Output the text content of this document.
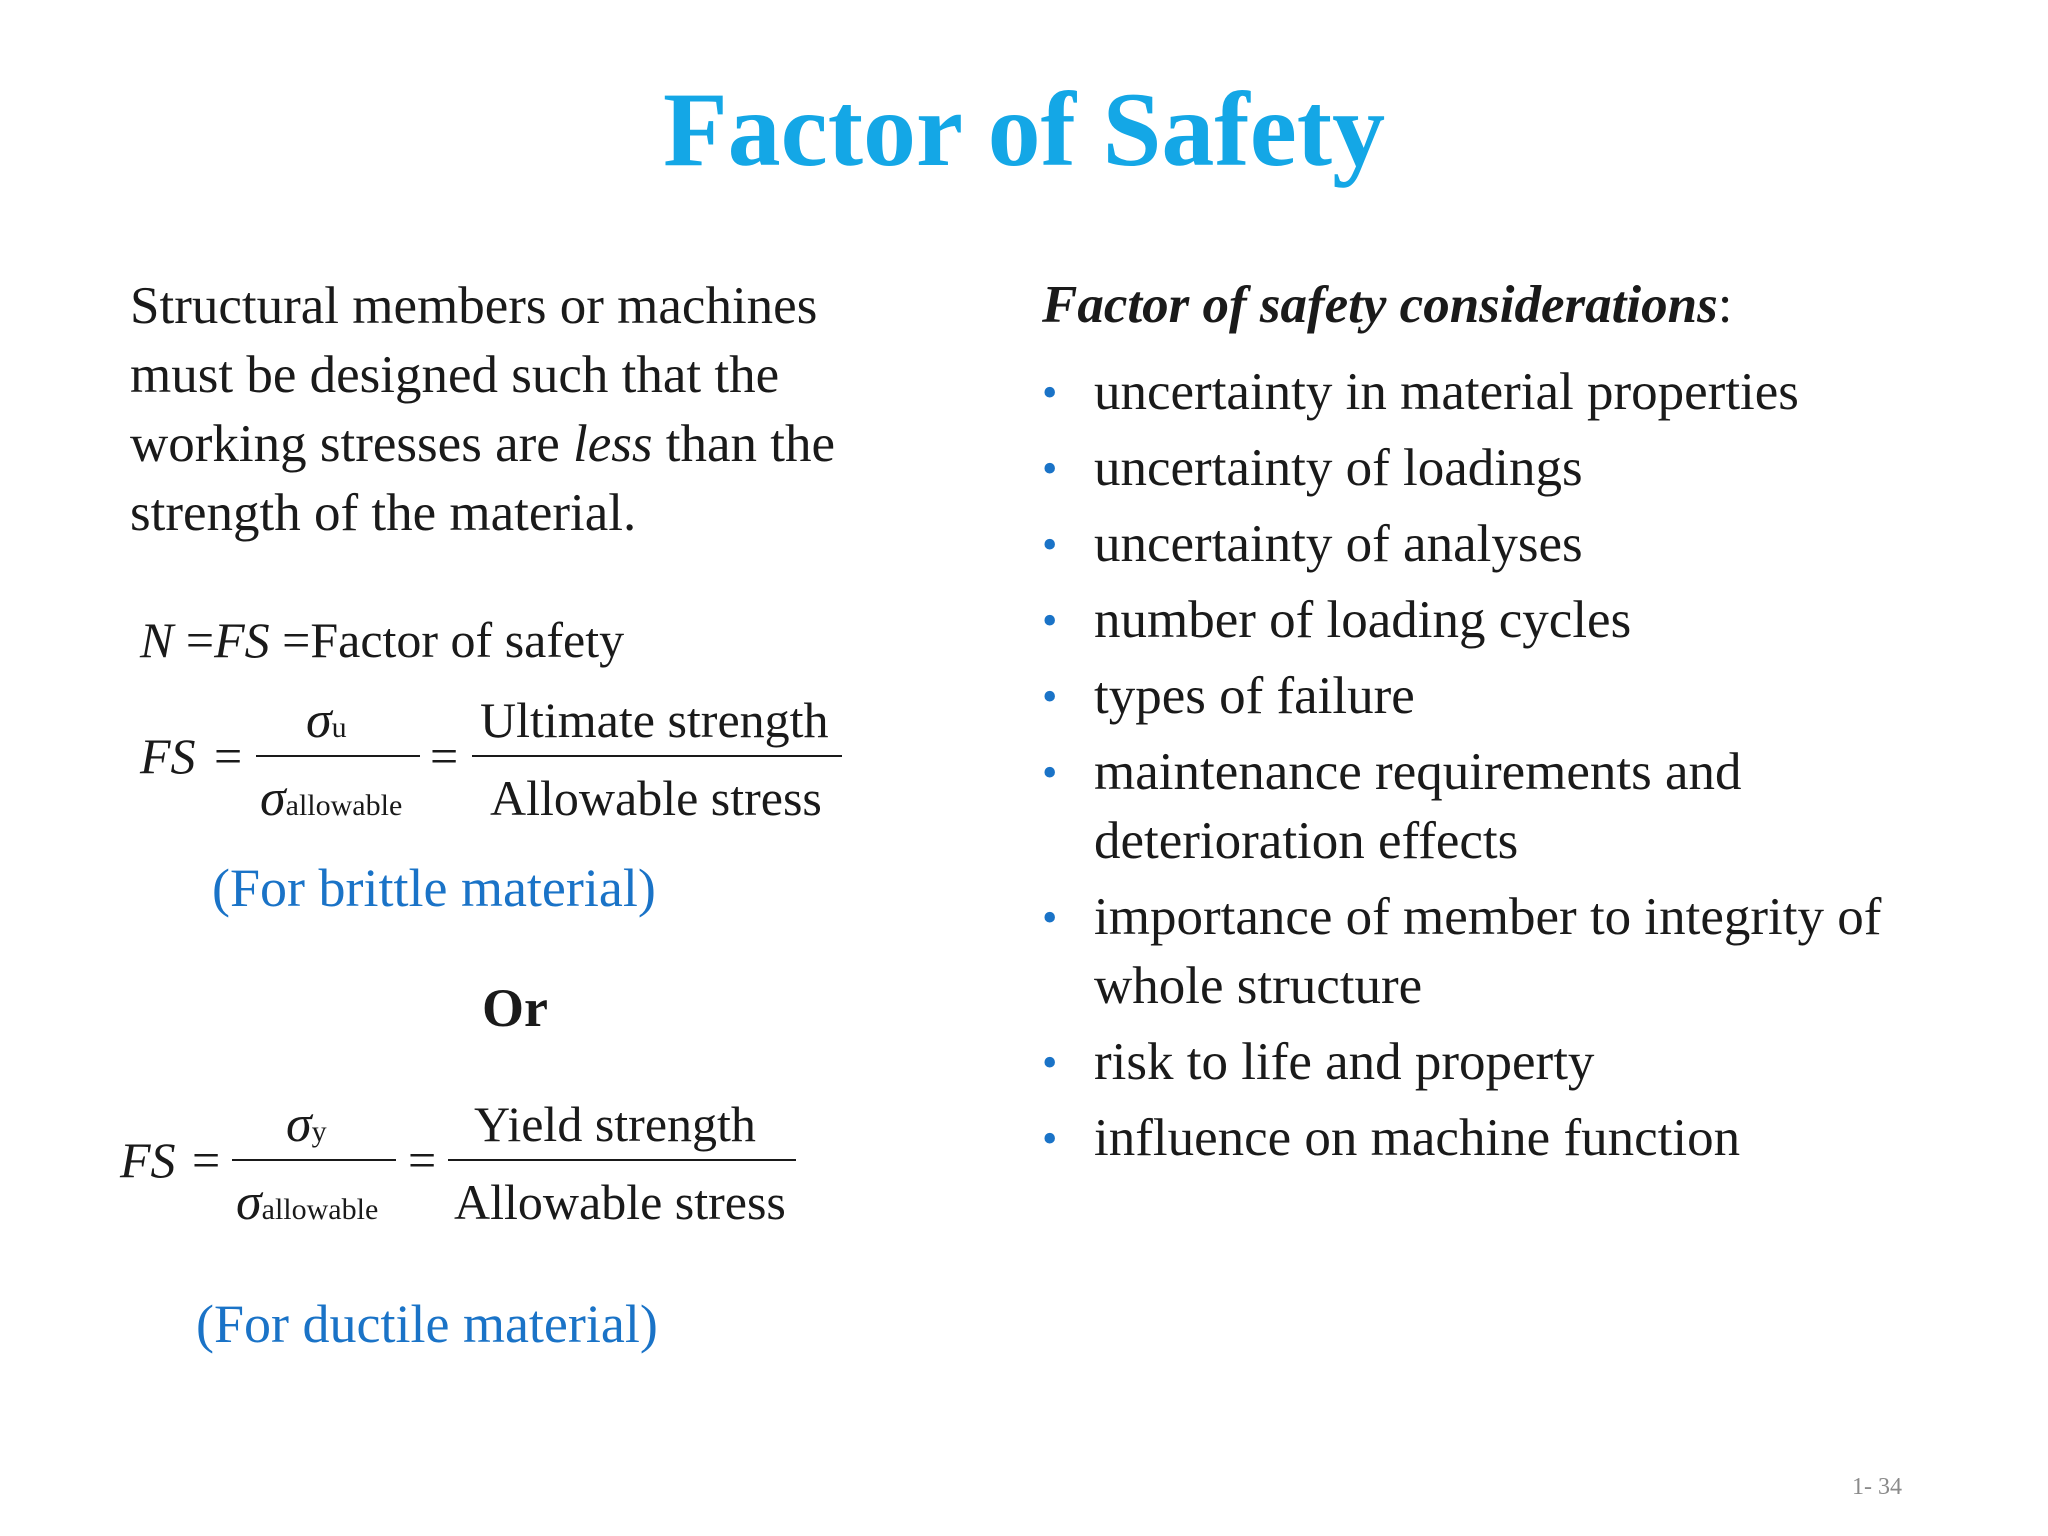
Factor of Safety
Structural members or machines must be designed such that the working stresses are less than the strength of the material.
N =FS =Factor of safety
FS =
σu
σallowable
=
Ultimate strength
Allowable stress
(For brittle material)
Or
FS =
σy
σallowable
=
Yield strength
Allowable stress
(For ductile material)
Factor of safety considerations:
• uncertainty in material properties
• uncertainty of loadings
• uncertainty of analyses
• number of loading cycles
• types of failure
• maintenance requirements and deterioration effects
• importance of member to integrity of whole structure
• risk to life and property
• influence on machine function
1- 34
